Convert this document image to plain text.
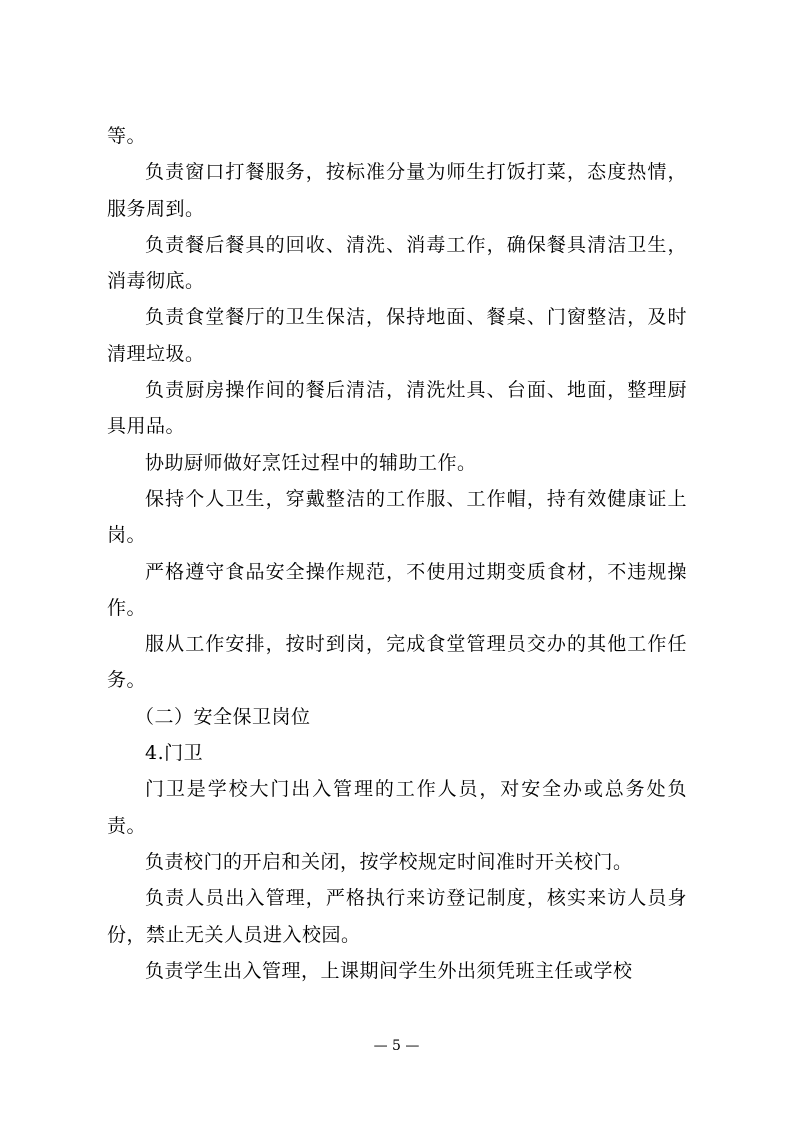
等。

负责窗口打餐服务，按标准分量为师生打饭打菜，态度热情，服务周到。

负责餐后餐具的回收、清洗、消毒工作，确保餐具清洁卫生，消毒彻底。

负责食堂餐厅的卫生保洁，保持地面、餐桌、门窗整洁，及时清理垃圾。

负责厨房操作间的餐后清洁，清洗灶具、台面、地面，整理厨具用品。

协助厨师做好烹饪过程中的辅助工作。

保持个人卫生，穿戴整洁的工作服、工作帽，持有效健康证上岗。

严格遵守食品安全操作规范，不使用过期变质食材，不违规操作。

服从工作安排，按时到岗，完成食堂管理员交办的其他工作任务。

（二）安全保卫岗位

4.门卫

门卫是学校大门出入管理的工作人员，对安全办或总务处负责。

负责校门的开启和关闭，按学校规定时间准时开关校门。

负责人员出入管理，严格执行来访登记制度，核实来访人员身份，禁止无关人员进入校园。

负责学生出入管理，上课期间学生外出须凭班主任或学校

— 5 —
